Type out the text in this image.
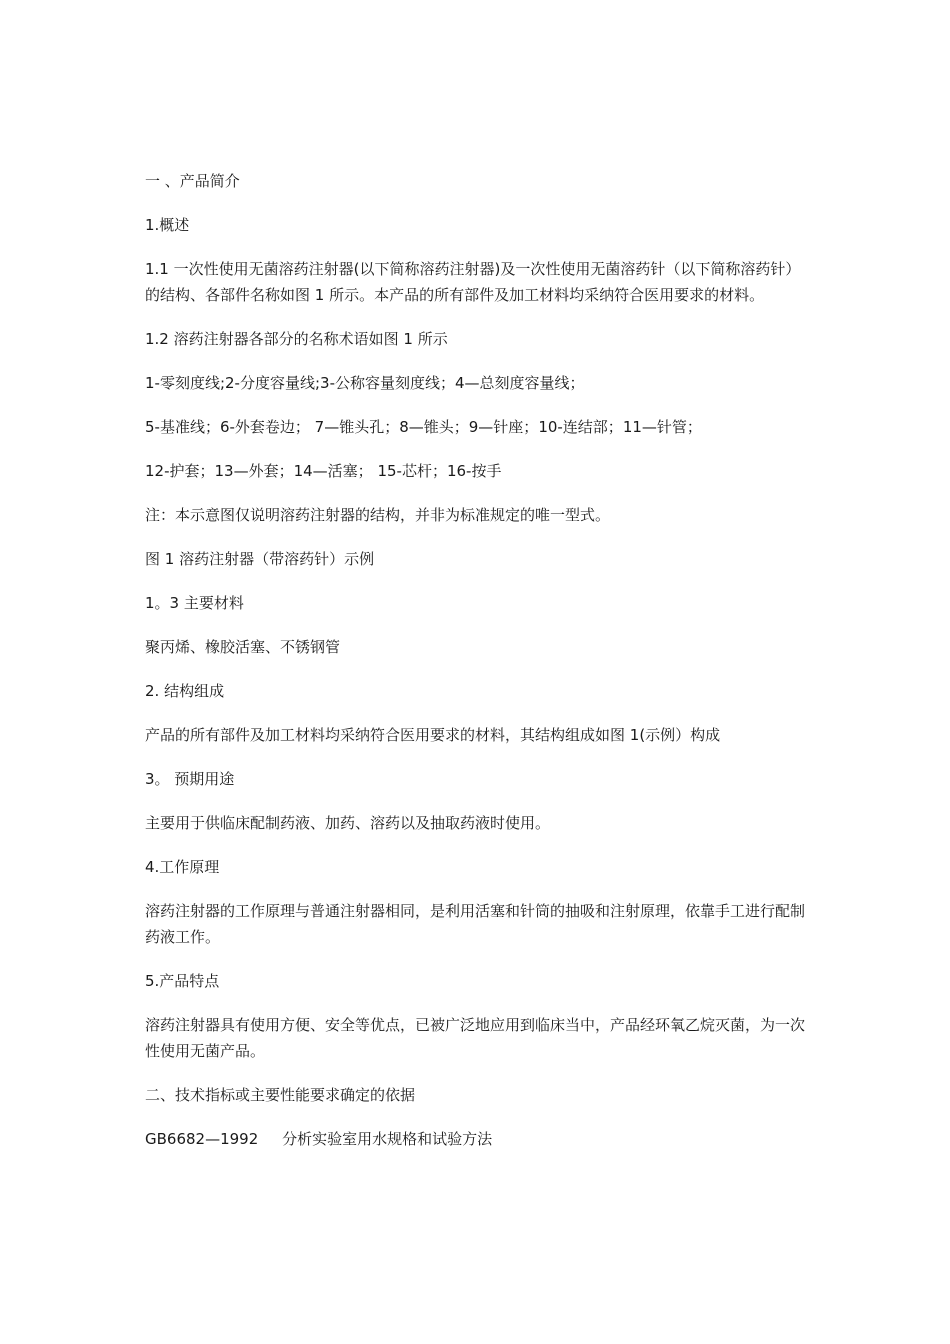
一 、产品简介

1.概述

1.1 一次性使用无菌溶药注射器(以下简称溶药注射器)及一次性使用无菌溶药针（以下简称溶药针）的结构、各部件名称如图 1 所示。本产品的所有部件及加工材料均采纳符合医用要求的材料。

1.2 溶药注射器各部分的名称术语如图 1 所示

1-零刻度线;2-分度容量线;3-公称容量刻度线；4—总刻度容量线；

5-基准线；6-外套卷边； 7—锥头孔；8—锥头；9—针座；10-连结部；11—针管；

12-护套；13—外套；14—活塞； 15-芯杆；16-按手

注：本示意图仅说明溶药注射器的结构，并非为标准规定的唯一型式。

图 1 溶药注射器（带溶药针）示例

1。3 主要材料

聚丙烯、橡胶活塞、不锈钢管

2. 结构组成

产品的所有部件及加工材料均采纳符合医用要求的材料，其结构组成如图 1(示例）构成

3。 预期用途

主要用于供临床配制药液、加药、溶药以及抽取药液时使用。

4.工作原理

溶药注射器的工作原理与普通注射器相同，是利用活塞和针筒的抽吸和注射原理，依靠手工进行配制药液工作。

5.产品特点

溶药注射器具有使用方便、安全等优点，已被广泛地应用到临床当中，产品经环氧乙烷灭菌，为一次性使用无菌产品。

二、技术指标或主要性能要求确定的依据

GB6682—1992 分析实验室用水规格和试验方法
